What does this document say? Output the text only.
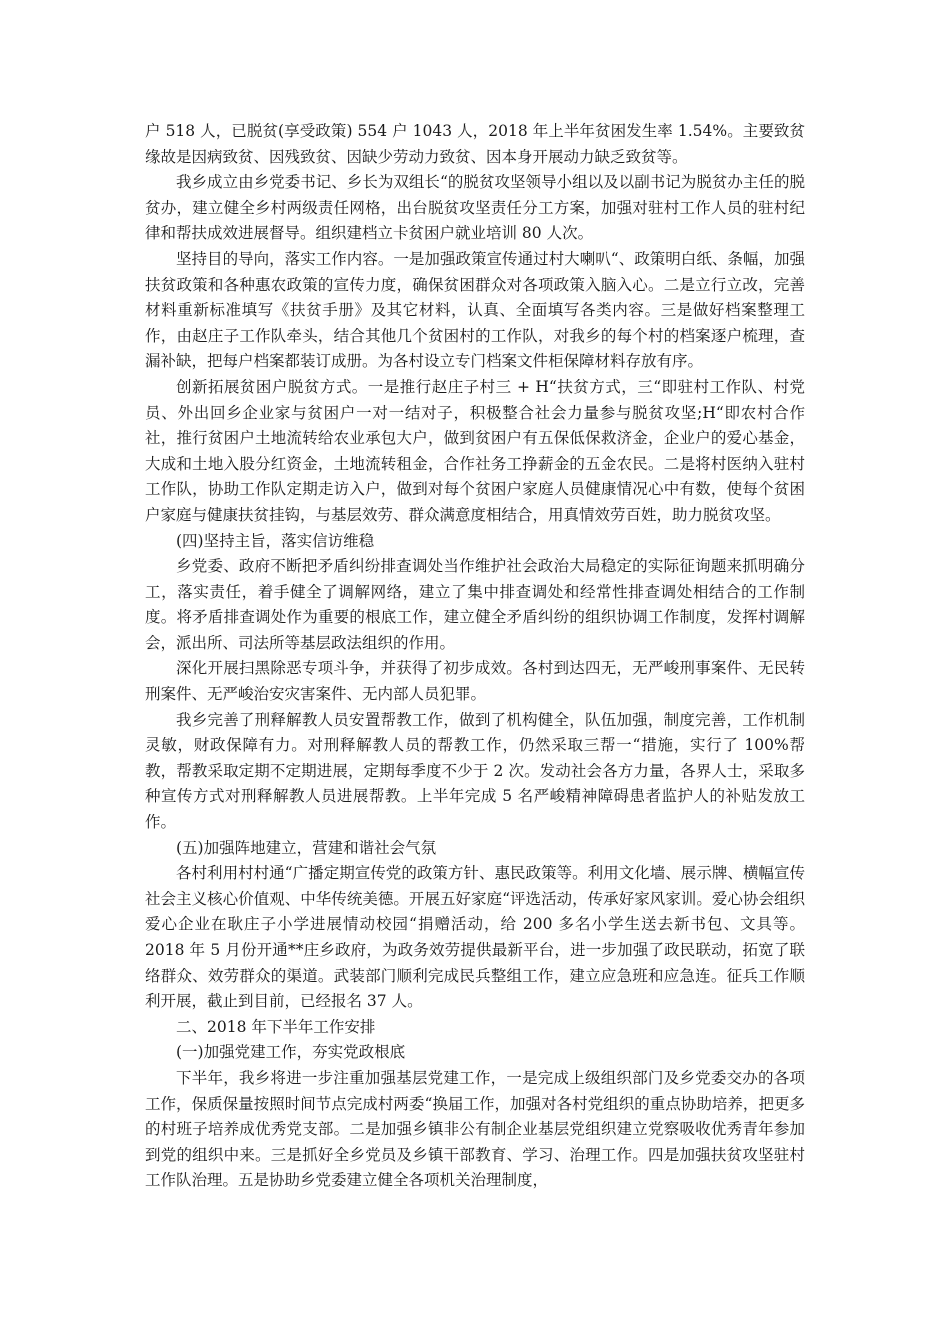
户 518 人，已脱贫(享受政策) 554 户 1043 人，2018 年上半年贫困发生率 1.54%。主要致贫缘故是因病致贫、因残致贫、因缺少劳动力致贫、因本身开展动力缺乏致贫等。

我乡成立由乡党委书记、乡长为双组长“的脱贫攻坚领导小组以及以副书记为脱贫办主任的脱贫办，建立健全乡村两级责任网格，出台脱贫攻坚责任分工方案，加强对驻村工作人员的驻村纪律和帮扶成效进展督导。组织建档立卡贫困户就业培训 80 人次。

坚持目的导向，落实工作内容。一是加强政策宣传通过村大喇叭“、政策明白纸、条幅，加强扶贫政策和各种惠农政策的宣传力度，确保贫困群众对各项政策入脑入心。二是立行立改，完善材料重新标准填写《扶贫手册》及其它材料，认真、全面填写各类内容。三是做好档案整理工作，由赵庄子工作队牵头，结合其他几个贫困村的工作队，对我乡的每个村的档案逐户梳理，查漏补缺，把每户档案都装订成册。为各村设立专门档案文件柜保障材料存放有序。

创新拓展贫困户脱贫方式。一是推行赵庄子村三 + H“扶贫方式，三“即驻村工作队、村党员、外出回乡企业家与贫困户一对一结对子，积极整合社会力量参与脱贫攻坚;H“即农村合作社，推行贫困户土地流转给农业承包大户，做到贫困户有五保低保救济金，企业户的爱心基金，大成和土地入股分红资金，土地流转租金，合作社务工挣薪金的五金农民。二是将村医纳入驻村工作队，协助工作队定期走访入户，做到对每个贫困户家庭人员健康情况心中有数，使每个贫困户家庭与健康扶贫挂钩，与基层效劳、群众满意度相结合，用真情效劳百姓，助力脱贫攻坚。

(四)坚持主旨，落实信访维稳

乡党委、政府不断把矛盾纠纷排查调处当作维护社会政治大局稳定的实际征询题来抓明确分工，落实责任，着手健全了调解网络，建立了集中排查调处和经常性排查调处相结合的工作制度。将矛盾排查调处作为重要的根底工作，建立健全矛盾纠纷的组织协调工作制度，发挥村调解会，派出所、司法所等基层政法组织的作用。

深化开展扫黑除恶专项斗争，并获得了初步成效。各村到达四无，无严峻刑事案件、无民转刑案件、无严峻治安灾害案件、无内部人员犯罪。

我乡完善了刑释解教人员安置帮教工作，做到了机构健全，队伍加强，制度完善，工作机制灵敏，财政保障有力。对刑释解教人员的帮教工作，仍然采取三帮一“措施，实行了 100%帮教，帮教采取定期不定期进展，定期每季度不少于 2 次。发动社会各方力量，各界人士，采取多种宣传方式对刑释解教人员进展帮教。上半年完成 5 名严峻精神障碍患者监护人的补贴发放工作。

(五)加强阵地建立，营建和谐社会气氛

各村利用村村通“广播定期宣传党的政策方针、惠民政策等。利用文化墙、展示牌、横幅宣传社会主义核心价值观、中华传统美德。开展五好家庭“评选活动，传承好家风家训。爱心协会组织爱心企业在耿庄子小学进展情动校园“捐赠活动，给 200 多名小学生送去新书包、文具等。2018 年 5 月份开通**庄乡政府，为政务效劳提供最新平台，进一步加强了政民联动，拓宽了联络群众、效劳群众的渠道。武装部门顺利完成民兵整组工作，建立应急班和应急连。征兵工作顺利开展，截止到目前，已经报名 37 人。

二、2018 年下半年工作安排

(一)加强党建工作，夯实党政根底

下半年，我乡将进一步注重加强基层党建工作，一是完成上级组织部门及乡党委交办的各项工作，保质保量按照时间节点完成村两委“换届工作，加强对各村党组织的重点协助培养，把更多的村班子培养成优秀党支部。二是加强乡镇非公有制企业基层党组织建立党察吸收优秀青年参加到党的组织中来。三是抓好全乡党员及乡镇干部教育、学习、治理工作。四是加强扶贫攻坚驻村工作队治理。五是协助乡党委建立健全各项机关治理制度，
